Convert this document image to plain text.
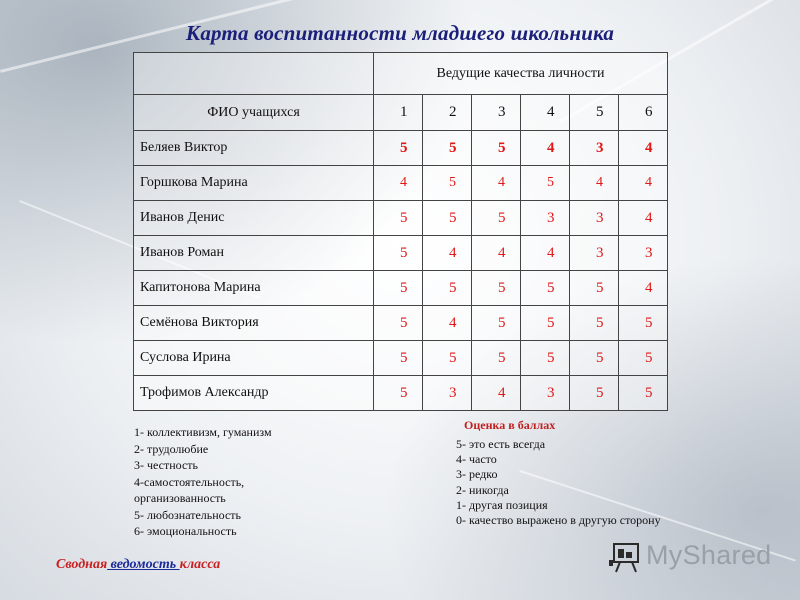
Карта воспитанности младшего школьника
	Ведущие качества личности					
ФИО учащихся	1	2	3	4	5	6
Беляев Виктор	5	5	5	4	3	4
Горшкова Марина	4	5	4	5	4	4
Иванов Денис	5	5	5	3	3	4
Иванов Роман	5	4	4	4	3	3
Капитонова Марина	5	5	5	5	5	4
Семёнова Виктория	5	4	5	5	5	5
Суслова Ирина	5	5	5	5	5	5
Трофимов Александр	5	3	4	3	5	5
1- коллективизм, гуманизм
2- трудолюбие
3- честность
4-самостоятельность, организованность
5- любознательность
6- эмоциональность
Оценка в баллах
5- это есть всегда
4- часто
3- редко
2- никогда
1- другая позиция
0- качество выражено в другую сторону
Сводная ведомость класса	MyShared
